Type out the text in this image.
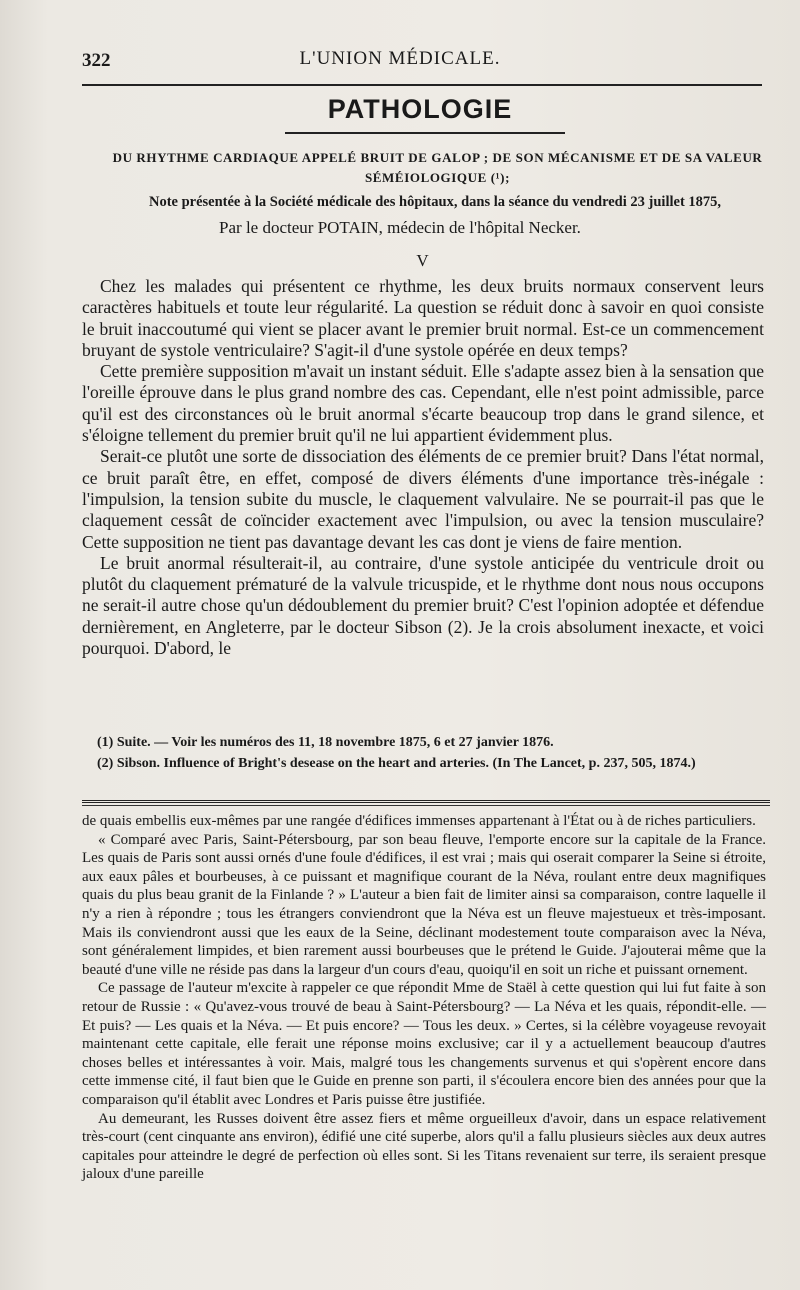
322	L'UNION MÉDICALE.
PATHOLOGIE
DU RHYTHME CARDIAQUE APPELÉ BRUIT DE GALOP ; DE SON MÉCANISME ET DE SA VALEUR SÉMÉIOLOGIQUE (¹);
Note présentée à la Société médicale des hôpitaux, dans la séance du vendredi 23 juillet 1875,
Par le docteur POTAIN, médecin de l'hôpital Necker.
V

Chez les malades qui présentent ce rhythme, les deux bruits normaux conservent leurs caractères habituels et toute leur régularité. La question se réduit donc à savoir en quoi consiste le bruit inaccoutumé qui vient se placer avant le premier bruit normal. Est-ce un commencement bruyant de systole ventriculaire? S'agit-il d'une systole opérée en deux temps?

Cette première supposition m'avait un instant séduit. Elle s'adapte assez bien à la sensation que l'oreille éprouve dans le plus grand nombre des cas. Cependant, elle n'est point admissible, parce qu'il est des circonstances où le bruit anormal s'écarte beaucoup trop dans le grand silence, et s'éloigne tellement du premier bruit qu'il ne lui appartient évidemment plus.

Serait-ce plutôt une sorte de dissociation des éléments de ce premier bruit? Dans l'état normal, ce bruit paraît être, en effet, composé de divers éléments d'une importance très-inégale : l'impulsion, la tension subite du muscle, le claquement valvulaire. Ne se pourrait-il pas que le claquement cessât de coïncider exactement avec l'impulsion, ou avec la tension musculaire? Cette supposition ne tient pas davantage devant les cas dont je viens de faire mention.

Le bruit anormal résulterait-il, au contraire, d'une systole anticipée du ventricule droit ou plutôt du claquement prématuré de la valvule tricuspide, et le rhythme dont nous nous occupons ne serait-il autre chose qu'un dédoublement du premier bruit? C'est l'opinion adoptée et défendue dernièrement, en Angleterre, par le docteur Sibson (2). Je la crois absolument inexacte, et voici pourquoi. D'abord, le

(1) Suite. — Voir les numéros des 11, 18 novembre 1875, 6 et 27 janvier 1876.

(2) Sibson. Influence of Bright's desease on the heart and arteries. (In The Lancet, p. 237, 505, 1874.)

de quais embellis eux-mêmes par une rangée d'édifices immenses appartenant à l'État ou à de riches particuliers.

« Comparé avec Paris, Saint-Pétersbourg, par son beau fleuve, l'emporte encore sur la capitale de la France. Les quais de Paris sont aussi ornés d'une foule d'édifices, il est vrai ; mais qui oserait comparer la Seine si étroite, aux eaux pâles et bourbeuses, à ce puissant et magnifique courant de la Néva, roulant entre deux magnifiques quais du plus beau granit de la Finlande ? » L'auteur a bien fait de limiter ainsi sa comparaison, contre laquelle il n'y a rien à répondre ; tous les étrangers conviendront que la Néva est un fleuve majestueux et très-imposant. Mais ils conviendront aussi que les eaux de la Seine, déclinant modestement toute comparaison avec la Néva, sont généralement limpides, et bien rarement aussi bourbeuses que le prétend le Guide. J'ajouterai même que la beauté d'une ville ne réside pas dans la largeur d'un cours d'eau, quoiqu'il en soit un riche et puissant ornement.

Ce passage de l'auteur m'excite à rappeler ce que répondit Mme de Staël à cette question qui lui fut faite à son retour de Russie : « Qu'avez-vous trouvé de beau à Saint-Pétersbourg? — La Néva et les quais, répondit-elle. — Et puis? — Les quais et la Néva. — Et puis encore? — Tous les deux. » Certes, si la célèbre voyageuse revoyait maintenant cette capitale, elle ferait une réponse moins exclusive; car il y a actuellement beaucoup d'autres choses belles et intéressantes à voir. Mais, malgré tous les changements survenus et qui s'opèrent encore dans cette immense cité, il faut bien que le Guide en prenne son parti, il s'écoulera encore bien des années pour que la comparaison qu'il établit avec Londres et Paris puisse être justifiée.

Au demeurant, les Russes doivent être assez fiers et même orgueilleux d'avoir, dans un espace relativement très-court (cent cinquante ans environ), édifié une cité superbe, alors qu'il a fallu plusieurs siècles aux deux autres capitales pour atteindre le degré de perfection où elles sont. Si les Titans revenaient sur terre, ils seraient presque jaloux d'une pareille
